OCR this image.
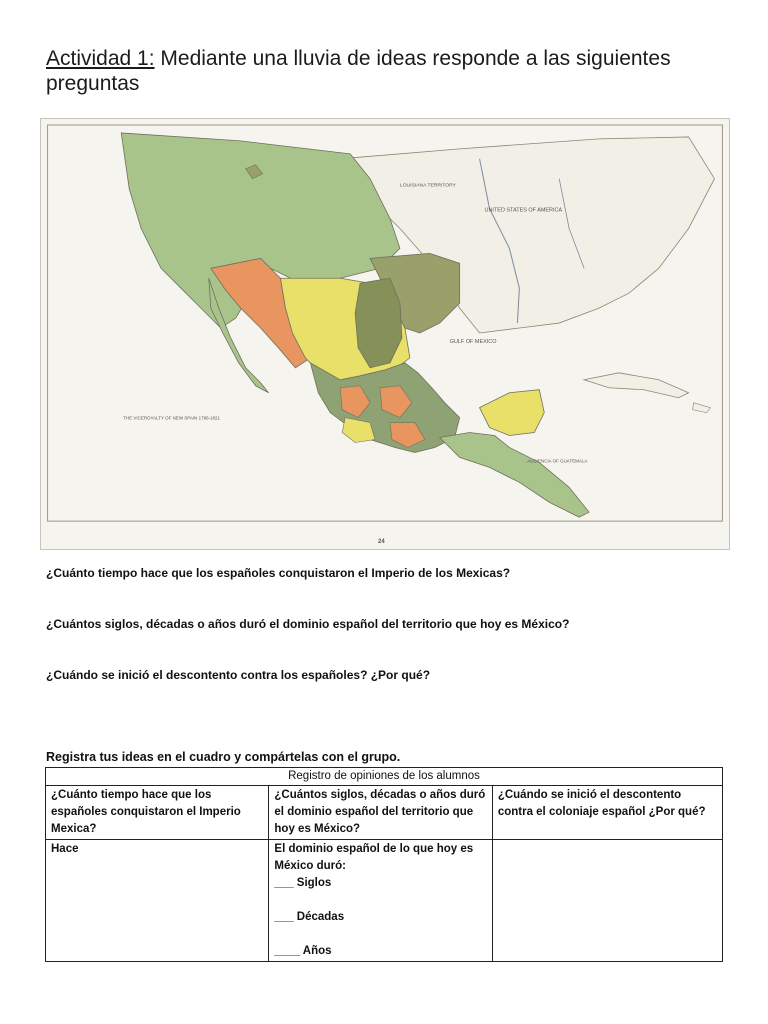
Actividad 1: Mediante una lluvia de ideas responde a las siguientes preguntas
LOUISIANA TERRITORY
UNITED STATES OF AMERICA
GULF OF MEXICO
THE VICEROYALTY OF NEW SPAIN 1786-1821
AUDIENCIA OF GUATEMALA
24
¿Cuánto tiempo hace que los españoles conquistaron el Imperio de los Mexicas?
¿Cuántos siglos, décadas o años duró el dominio español del territorio que hoy es México?
¿Cuándo se inició el descontento contra los españoles? ¿Por qué?
Registra tus ideas en el cuadro y compártelas con el grupo.
Registro de opiniones de los alumnos		
¿Cuánto tiempo hace que los españoles conquistaron el Imperio Mexica?	¿Cuántos siglos, décadas o años duró el dominio español del territorio que hoy es México?	¿Cuándo se inició el descontento contra el coloniaje español ¿Por qué?

Hace	El dominio español de lo que hoy es México duró:
___ Siglos
___ Décadas
____ Años	
